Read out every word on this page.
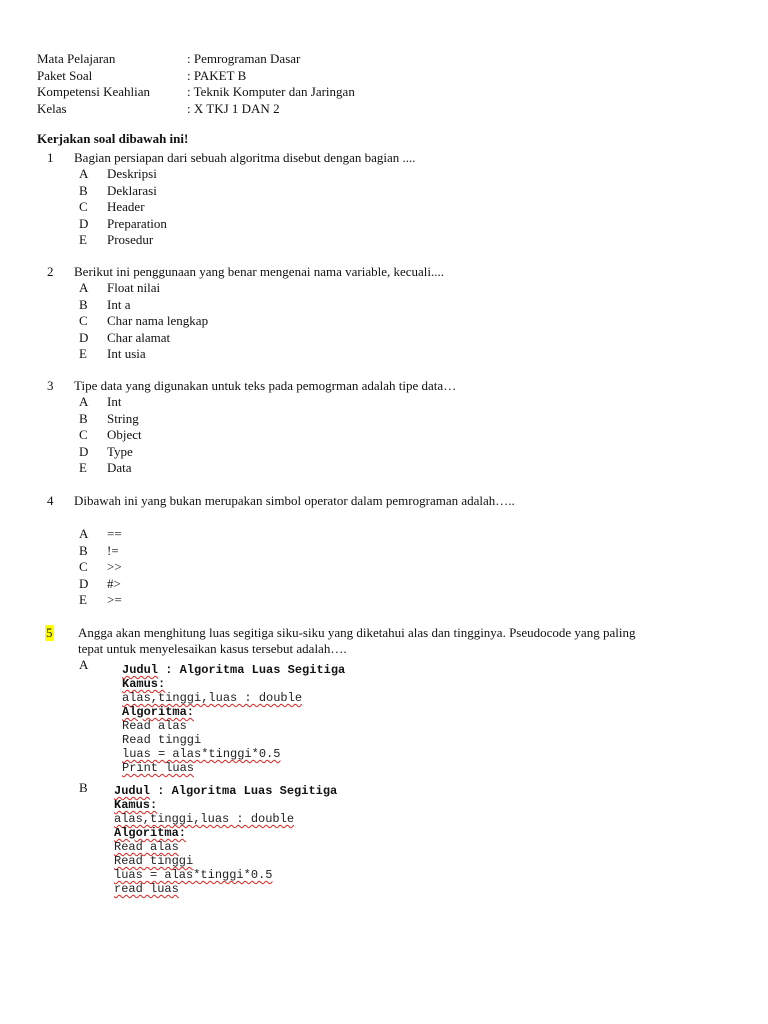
Mata Pelajaran	: Pemrograman Dasar
Paket Soal	: PAKET B
Kompetensi Keahlian	: Teknik Komputer dan Jaringan
Kelas	: X TKJ 1 DAN 2
Kerjakan soal dibawah ini!
1 Bagian persiapan dari sebuah algoritma disebut dengan bagian ....
A Deskripsi
B Deklarasi
C Header
D Preparation
E Prosedur
2 Berikut ini penggunaan yang benar mengenai nama variable, kecuali....
A Float nilai
B Int a
C Char nama lengkap
D Char alamat
E Int usia
3 Tipe data yang digunakan untuk teks pada pemogrman adalah tipe data…
A Int
B String
C Object
D Type
E Data
4 Dibawah ini yang bukan merupakan simbol operator dalam pemrograman adalah…..
A ==
B !=
C >>
D #>
E >=
5 Angga akan menghitung luas segitiga siku-siku yang diketahui alas dan tingginya. Pseudocode yang paling
tepat untuk menyelesaikan kasus tersebut adalah….
A	Judul : Algoritma Luas Segitiga
Kamus:
alas,tinggi,luas : double
Algoritma:
Read alas
Read tinggi
luas = alas*tinggi*0.5
Print luas
B Judul : Algoritma Luas Segitiga
Kamus:
alas,tinggi,luas : double
Algoritma:
Read alas
Read tinggi
luas = alas*tinggi*0.5
read luas
